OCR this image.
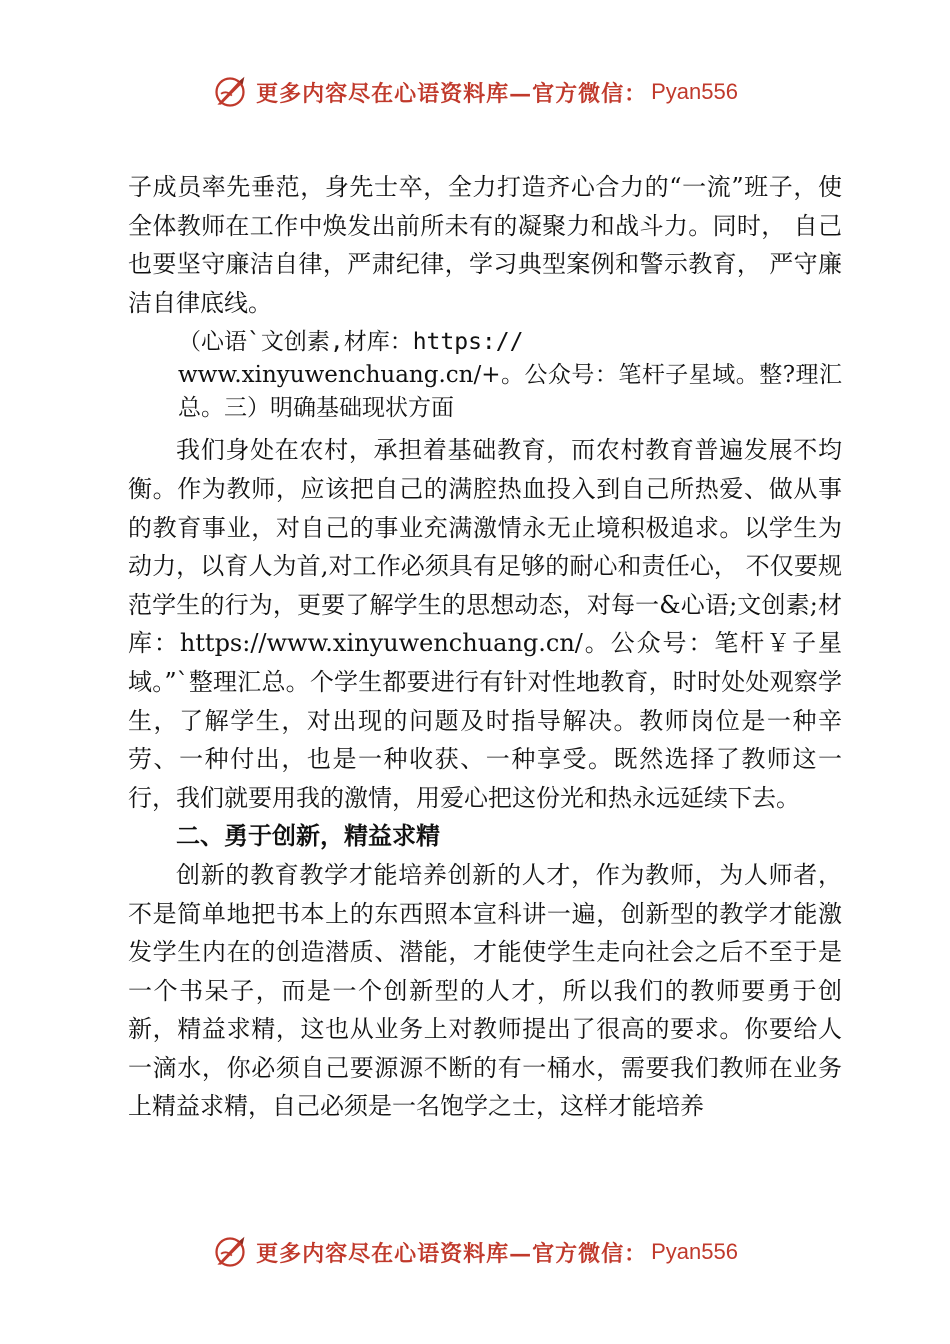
更多内容尽在心语资料库—官方微信： Pyan556

子成员率先垂范，身先士卒，全力打造齐心合力的“一流”班子，使全体教师在工作中焕发出前所未有的凝聚力和战斗力。同时， 自己也要坚守廉洁自律，严肃纪律，学习典型案例和警示教育， 严守廉洁自律底线。

（心语`文创素,材库：https://

www.xinyuwenchuang.cn/+。公众号：笔杆子星域。整?理汇总。三）明确基础现状方面

我们身处在农村，承担着基础教育，而农村教育普遍发展不均衡。作为教师，应该把自己的满腔热血投入到自己所热爱、做从事的教育事业，对自己的事业充满激情永无止境积极追求。以学生为动力，以育人为首,对工作必须具有足够的耐心和责任心， 不仅要规范学生的行为，更要了解学生的思想动态，对每一&心语;文创素;材库：https://www.xinyuwenchuang.cn/。公众号：笔杆￥子星域。”`整理汇总。个学生都要进行有针对性地教育，时时处处观察学生，了解学生，对出现的问题及时指导解决。教师岗位是一种辛劳、一种付出，也是一种收获、一种享受。既然选择了教师这一行，我们就要用我的激情，用爱心把这份光和热永远延续下去。

二、勇于创新，精益求精

创新的教育教学才能培养创新的人才，作为教师，为人师者，不是简单地把书本上的东西照本宣科讲一遍，创新型的教学才能激发学生内在的创造潜质、潜能，才能使学生走向社会之后不至于是一个书呆子，而是一个创新型的人才，所以我们的教师要勇于创新，精益求精，这也从业务上对教师提出了很高的要求。你要给人一滴水，你必须自己要源源不断的有一桶水，需要我们教师在业务上精益求精，自己必须是一名饱学之士，这样才能培养

更多内容尽在心语资料库—官方微信： Pyan556
